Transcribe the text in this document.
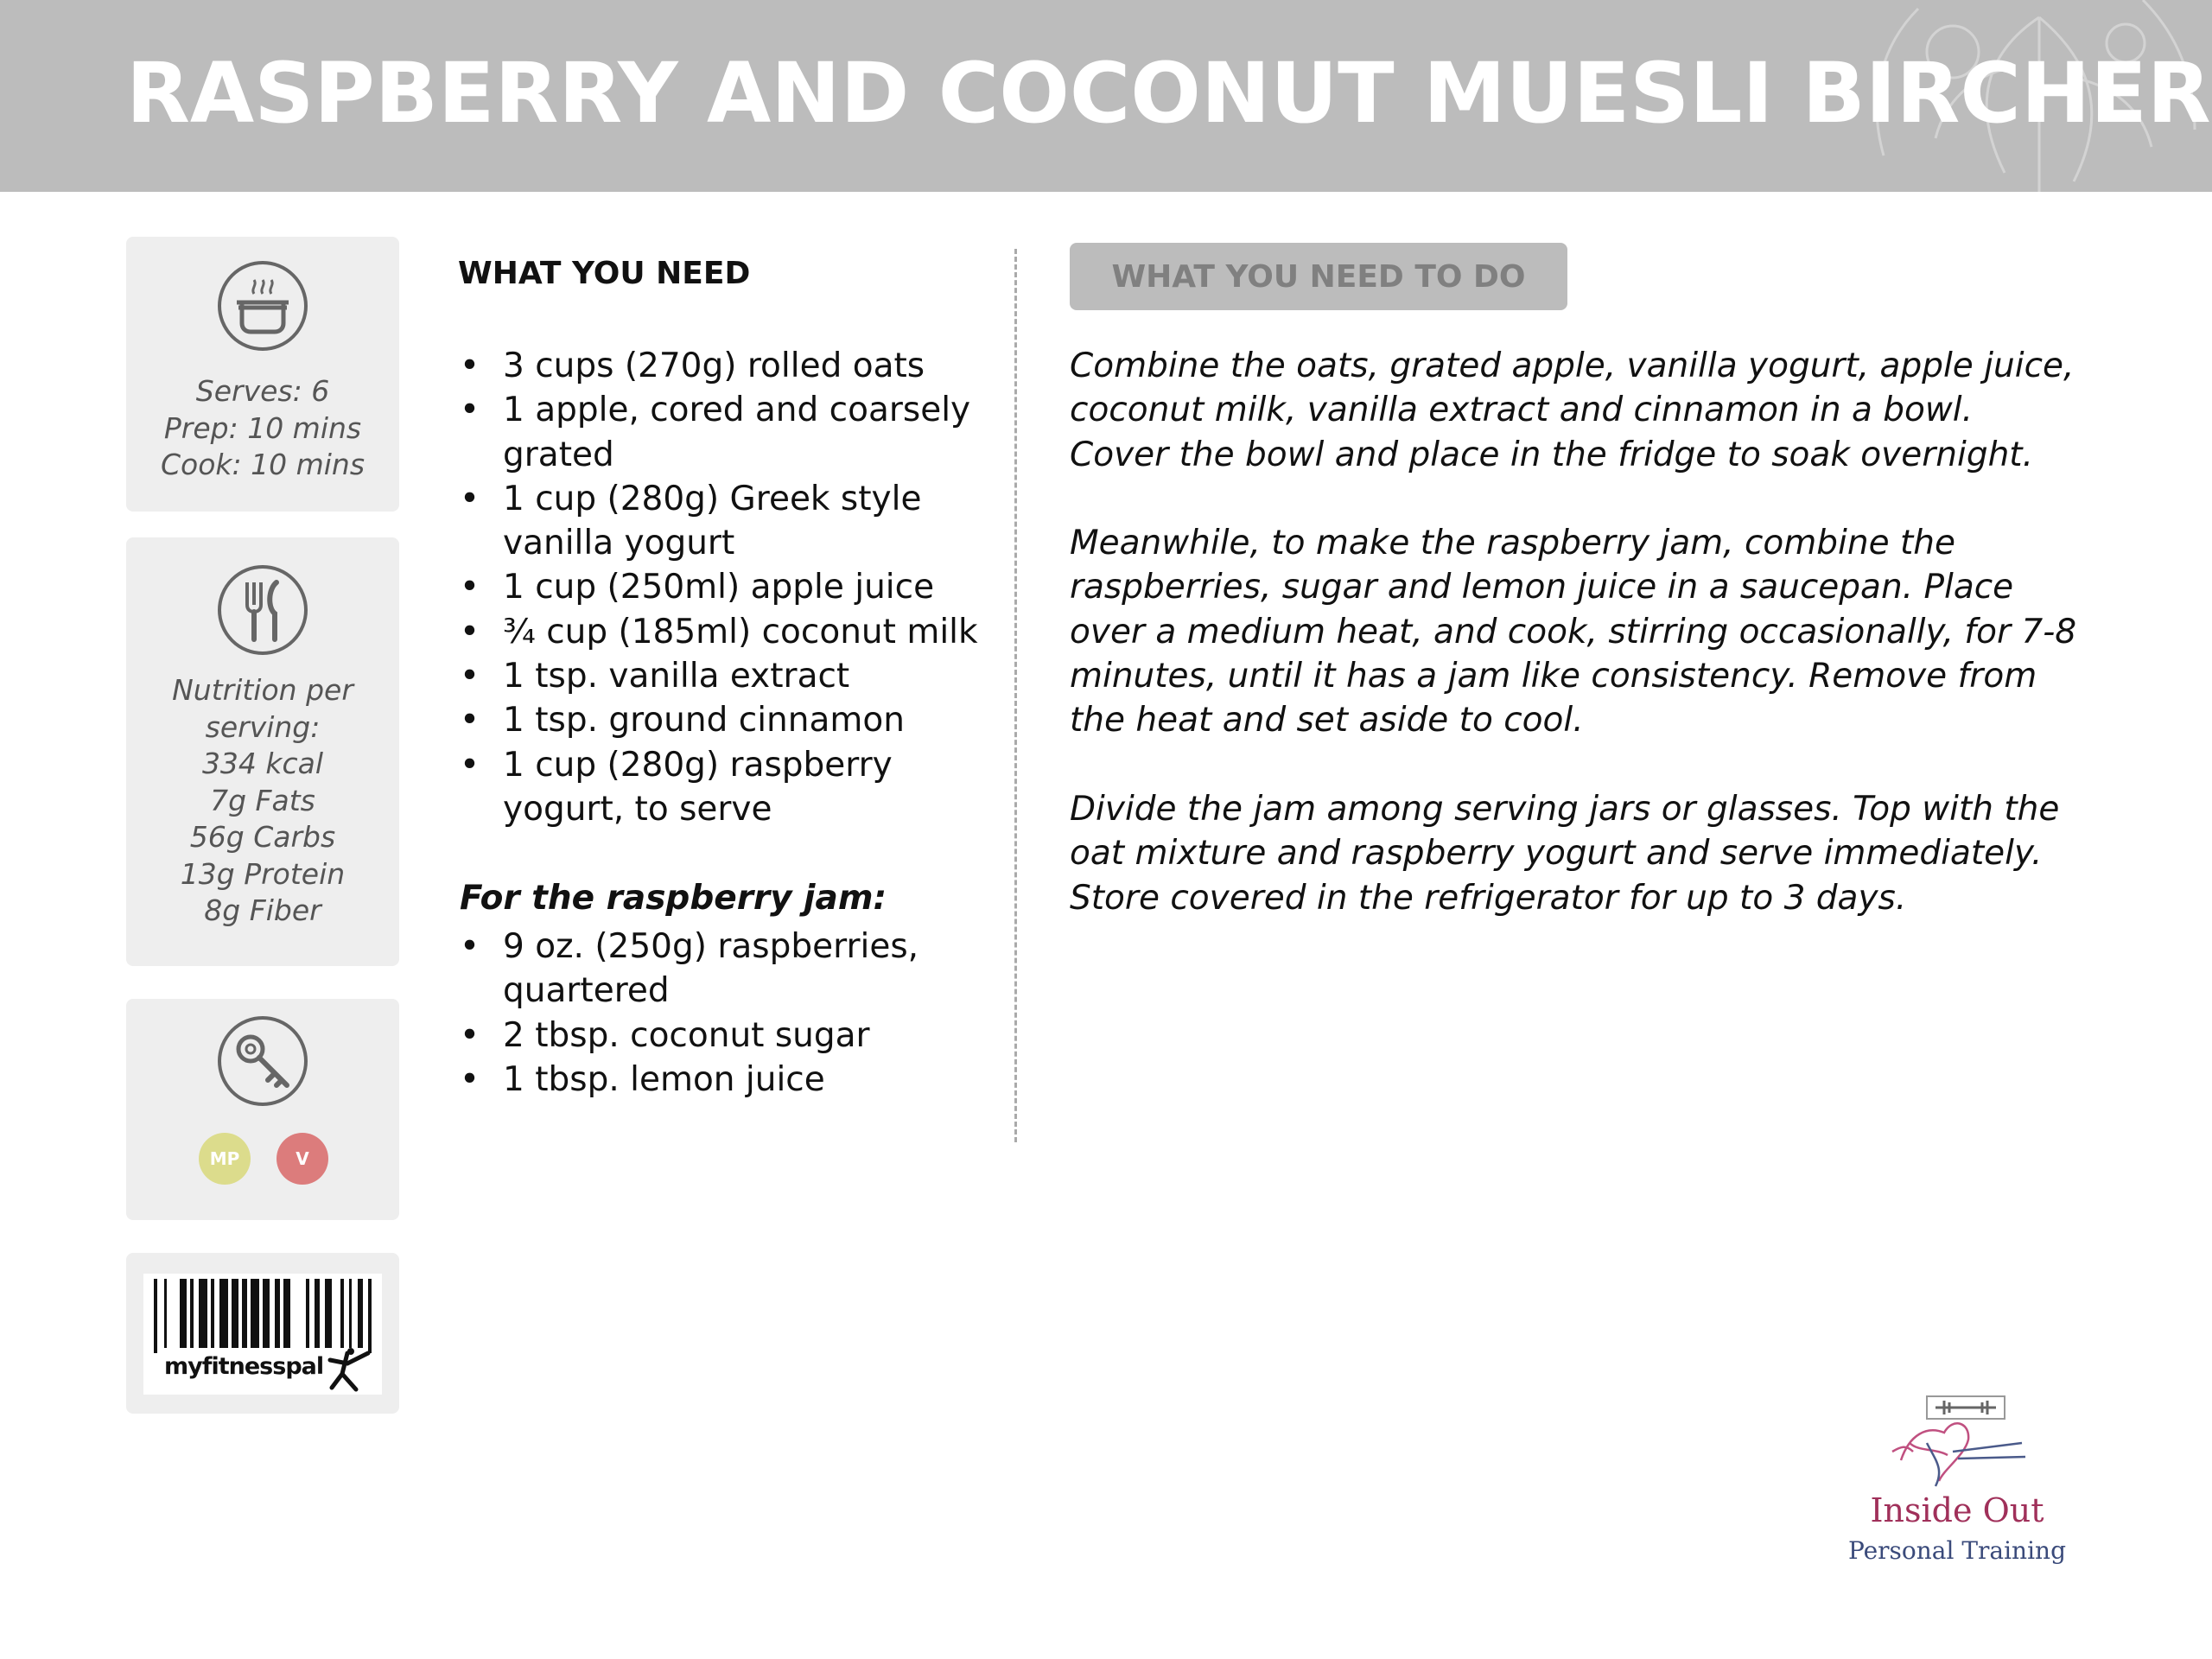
RASPBERRY AND COCONUT MUESLI BIRCHER
Serves: 6
Prep: 10 mins
Cook: 10 mins
Nutrition per
serving:
334 kcal
7g Fats
56g Carbs
13g Protein
8g Fiber
MP	V
myfitnesspal
WHAT YOU NEED
• 3 cups (270g) rolled oats
• 1 apple, cored and coarsely grated
• 1 cup (280g) Greek style vanilla yogurt
• 1 cup (250ml) apple juice
• ¾ cup (185ml) coconut milk
• 1 tsp. vanilla extract
• 1 tsp. ground cinnamon
• 1 cup (280g) raspberry yogurt, to serve
For the raspberry jam:
• 9 oz. (250g) raspberries, quartered
• 2 tbsp. coconut sugar
• 1 tbsp. lemon juice
WHAT YOU NEED TO DO

Combine the oats, grated apple, vanilla yogurt, apple juice, coconut milk, vanilla extract and cinnamon in a bowl. Cover the bowl and place in the fridge to soak overnight.

Meanwhile, to make the raspberry jam, combine the raspberries, sugar and lemon juice in a saucepan. Place over a medium heat, and cook, stirring occasionally, for 7-8 minutes, until it has a jam like consistency. Remove from the heat and set aside to cool.

Divide the jam among serving jars or glasses. Top with the oat mixture and raspberry yogurt and serve immediately. Store covered in the refrigerator for up to 3 days.

Inside Out
Personal Training
